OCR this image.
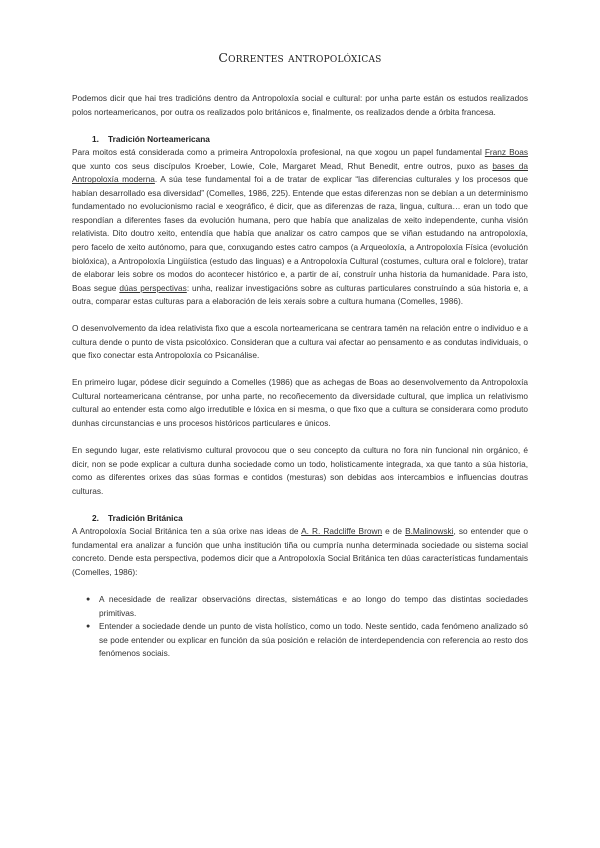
Correntes antropolóxicas

Podemos dicir que hai tres tradicións dentro da Antropoloxía social e cultural: por unha parte están os estudos realizados polos norteamericanos, por outra os realizados polo británicos e, finalmente, os realizados dende a órbita francesa.

1. Tradición Norteamericana

Para moitos está considerada como a primeira Antropoloxía profesional, na que xogou un papel fundamental Franz Boas que xunto cos seus discípulos Kroeber, Lowie, Cole, Margaret Mead, Rhut Benedit, entre outros, puxo as bases da Antropoloxía moderna. A súa tese fundamental foi a de tratar de explicar “las diferencias culturales y los procesos que habían desarrollado esa diversidad” (Comelles, 1986, 225). Entende que estas diferenzas non se debían a un determinismo fundamentado no evolucionismo racial e xeográfico, é dicir, que as diferenzas de raza, lingua, cultura… eran un todo que respondían a diferentes fases da evolución humana, pero que había que analizalas de xeito independente, cunha visión relativista. Dito doutro xeito, entendía que había que analizar os catro campos que se viñan estudando na antropoloxía, pero facelo de xeito autónomo, para que, conxugando estes catro campos (a Arqueoloxía, a Antropoloxía Física (evolución biolóxica), a Antropoloxía Lingüística (estudo das linguas) e a Antropoloxía Cultural (costumes, cultura oral e folclore), tratar de elaborar leis sobre os modos do acontecer histórico e, a partir de aí, construír unha historia da humanidade. Para isto, Boas segue dúas perspectivas: unha, realizar investigacións sobre as culturas particulares construíndo a súa historia e, a outra, comparar estas culturas para a elaboración de leis xerais sobre a cultura humana (Comelles, 1986).

O desenvolvemento da idea relativista fixo que a escola norteamericana se centrara tamén na relación entre o individuo e a cultura dende o punto de vista psicolóxico. Consideran que a cultura vai afectar ao pensamento e as condutas individuais, o que fixo conectar esta Antropoloxía co Psicanálise.

En primeiro lugar, pódese dicir seguindo a Comelles (1986) que as achegas de Boas ao desenvolvemento da Antropoloxía Cultural norteamericana céntranse, por unha parte, no recoñecemento da diversidade cultural, que implica un relativismo cultural ao entender esta como algo irredutible e lóxica en si mesma, o que fixo que a cultura se considerara como produto dunhas circunstancias e uns procesos históricos particulares e únicos.

En segundo lugar, este relativismo cultural provocou que o seu concepto da cultura no fora nin funcional nin orgánico, é dicir, non se pode explicar a cultura dunha sociedade como un todo, holisticamente integrada, xa que tanto a súa historia, como as diferentes orixes das súas formas e contidos (mesturas) son debidas aos intercambios e influencias doutras culturas.

2. Tradición Británica

A Antropoloxía Social Británica ten a súa orixe nas ideas de A. R. Radcliffe Brown e de B.Malinowski, so entender que o fundamental era analizar a función que unha institución tiña ou cumpría nunha determinada sociedade ou sistema social concreto. Dende esta perspectiva, podemos dicir que a Antropoloxía Social Británica ten dúas características fundamentais (Comelles, 1986):

● A necesidade de realizar observacións directas, sistemáticas e ao longo do tempo das distintas sociedades primitivas.
● Entender a sociedade dende un punto de vista holístico, como un todo. Neste sentido, cada fenómeno analizado só se pode entender ou explicar en función da súa posición e relación de interdependencia con referencia ao resto dos fenómenos sociais.
